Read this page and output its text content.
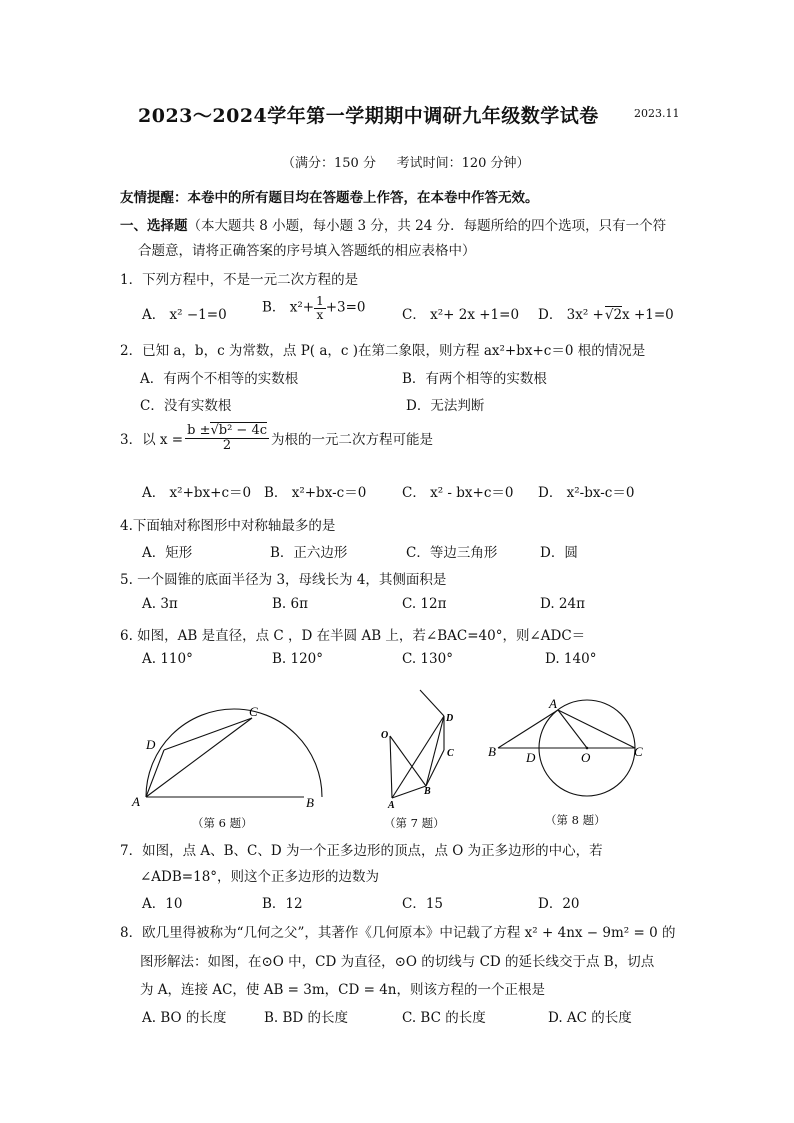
2023～2024学年第一学期期中调研九年级数学试卷	2023.11
（满分：150 分     考试时间：120 分钟）
友情提醒：本卷中的所有题目均在答题卷上作答，在本卷中作答无效。
一、选择题（本大题共 8 小题，每小题 3 分，共 24 分．每题所给的四个选项，只有一个符
合题意，请将正确答案的序号填入答题纸的相应表格中）
1．下列方程中，不是一元二次方程的是
A． x² −1=0	B． $x^2+ \frac{1}{x} +3=0$	C． x²+ 2x +1=0 D． 3x² +√2x +1=0
2．已知 a，b，c 为常数，点 P( a，c )在第二象限，则方程 ax²+bx+c＝0 根的情况是
A．有两个不相等的实数根	B．有两个相等的实数根
C．没有实数根	D．无法判断
3．以 $x = \frac{\text{b ±√b² − 4c}}{2}$ 为根的一元二次方程可能是
A． x²+bx+c＝0 B． x²+bx-c＝0	C． x² - bx+c＝0 D． x²-bx-c＝0
4.下面轴对称图形中对称轴最多的是
A．矩形	B．正六边形	C．等边三角形	D．圆
5. 一个圆锥的底面半径为 3，母线长为 4，其侧面积是
A. 3π	B. 6π	C. 12π	D. 24π
6. 如图，AB 是直径，点 C ，D 在半圆 AB 上，若∠BAC=40°，则∠ADC＝
A. 110°	B. 120°	C. 130°	D. 140°
A	B
C
D
（第 6 题）
O
A
B
C
D
（第 7 题）
A
B	C
D	O
（第 8 题）
7．如图，点 A、B、C、D 为一个正多边形的顶点，点 O 为正多边形的中心，若
∠ADB=18°，则这个正多边形的边数为
A．10	B．12	C．15	D．20
8．欧几里得被称为“几何之父”，其著作《几何原本》中记载了方程 x² + 4nx − 9m² = 0 的
图形解法：如图，在⊙O 中，CD 为直径，⊙O 的切线与 CD 的延长线交于点 B，切点
为 A，连接 AC，使 AB = 3m，CD = 4n，则该方程的一个正根是
A. BO 的长度	B. BD 的长度	C. BC 的长度	D. AC 的长度
